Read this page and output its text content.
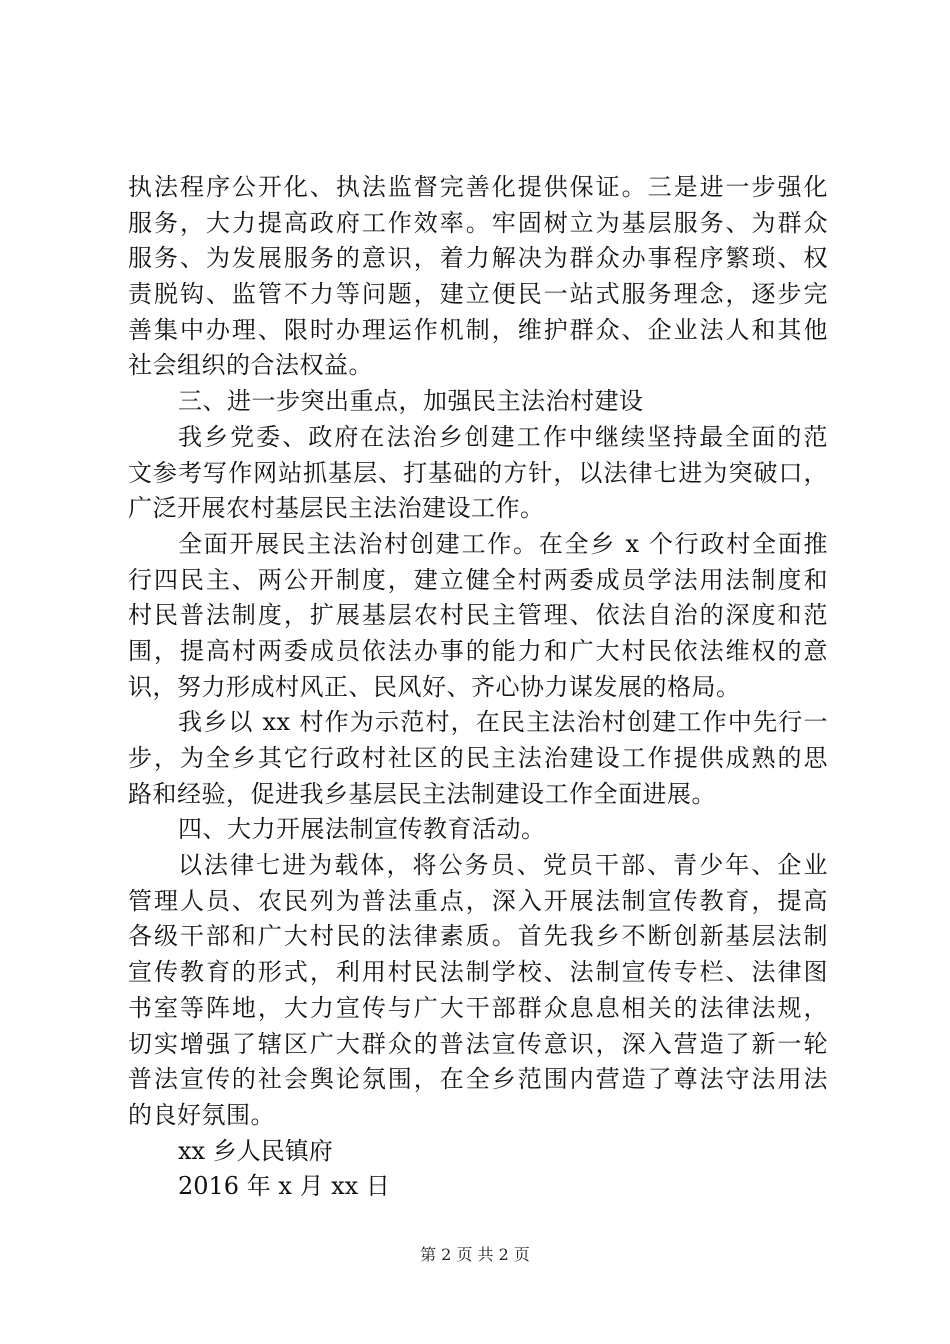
执法程序公开化、执法监督完善化提供保证。三是进一步强化
服务，大力提高政府工作效率。牢固树立为基层服务、为群众
服务、为发展服务的意识，着力解决为群众办事程序繁琐、权
责脱钩、监管不力等问题，建立便民一站式服务理念，逐步完
善集中办理、限时办理运作机制，维护群众、企业法人和其他
社会组织的合法权益。
三、进一步突出重点，加强民主法治村建设
我乡党委、政府在法治乡创建工作中继续坚持最全面的范
文参考写作网站抓基层、打基础的方针，以法律七进为突破口，
广泛开展农村基层民主法治建设工作。
全面开展民主法治村创建工作。在全乡 x 个行政村全面推
行四民主、两公开制度，建立健全村两委成员学法用法制度和
村民普法制度，扩展基层农村民主管理、依法自治的深度和范
围，提高村两委成员依法办事的能力和广大村民依法维权的意
识，努力形成村风正、民风好、齐心协力谋发展的格局。
我乡以 xx 村作为示范村，在民主法治村创建工作中先行一
步，为全乡其它行政村社区的民主法治建设工作提供成熟的思
路和经验，促进我乡基层民主法制建设工作全面进展。
四、大力开展法制宣传教育活动。
以法律七进为载体，将公务员、党员干部、青少年、企业
管理人员、农民列为普法重点，深入开展法制宣传教育，提高
各级干部和广大村民的法律素质。首先我乡不断创新基层法制
宣传教育的形式，利用村民法制学校、法制宣传专栏、法律图
书室等阵地，大力宣传与广大干部群众息息相关的法律法规，
切实增强了辖区广大群众的普法宣传意识，深入营造了新一轮
普法宣传的社会舆论氛围，在全乡范围内营造了尊法守法用法
的良好氛围。
xx 乡人民镇府
2016 年 x 月 xx 日
第 2 页 共 2 页
